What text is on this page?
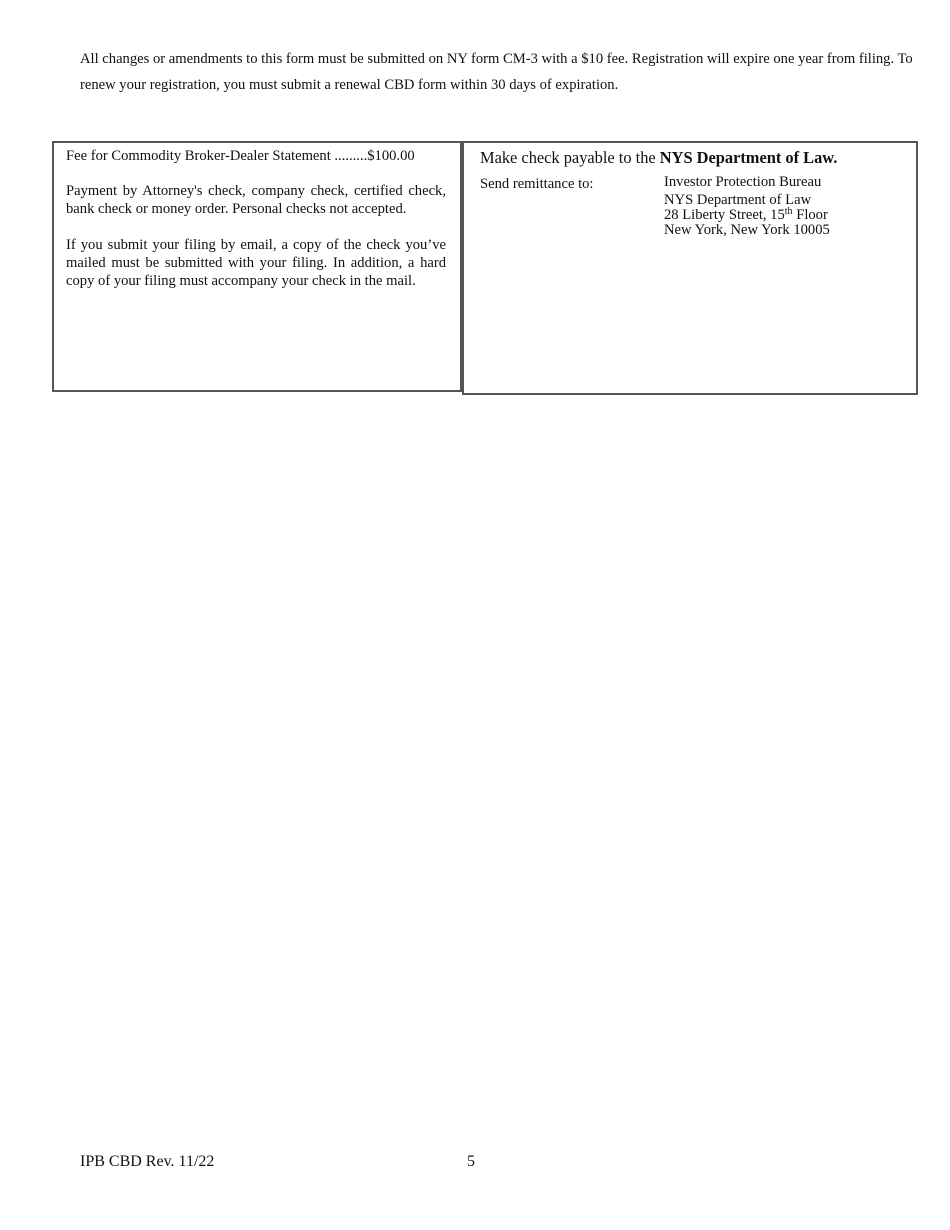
All changes or amendments to this form must be submitted on NY form CM-3 with a $10 fee. Registration will expire one year from filing. To renew your registration, you must submit a renewal CBD form within 30 days of expiration.

Fee for Commodity Broker-Dealer Statement .........$100.00

Payment by Attorney's check, company check, certified check, bank check or money order. Personal checks not accepted.

If you submit your filing by email, a copy of the check you’ve mailed must be submitted with your filing. In addition, a hard copy of your filing must accompany your check in the mail.

Make check payable to the NYS Department of Law.

Send remittance to:	Investor Protection Bureau
NYS Department of Law
28 Liberty Street, 15th Floor
New York, New York 10005
IPB CBD Rev. 11/22	5
